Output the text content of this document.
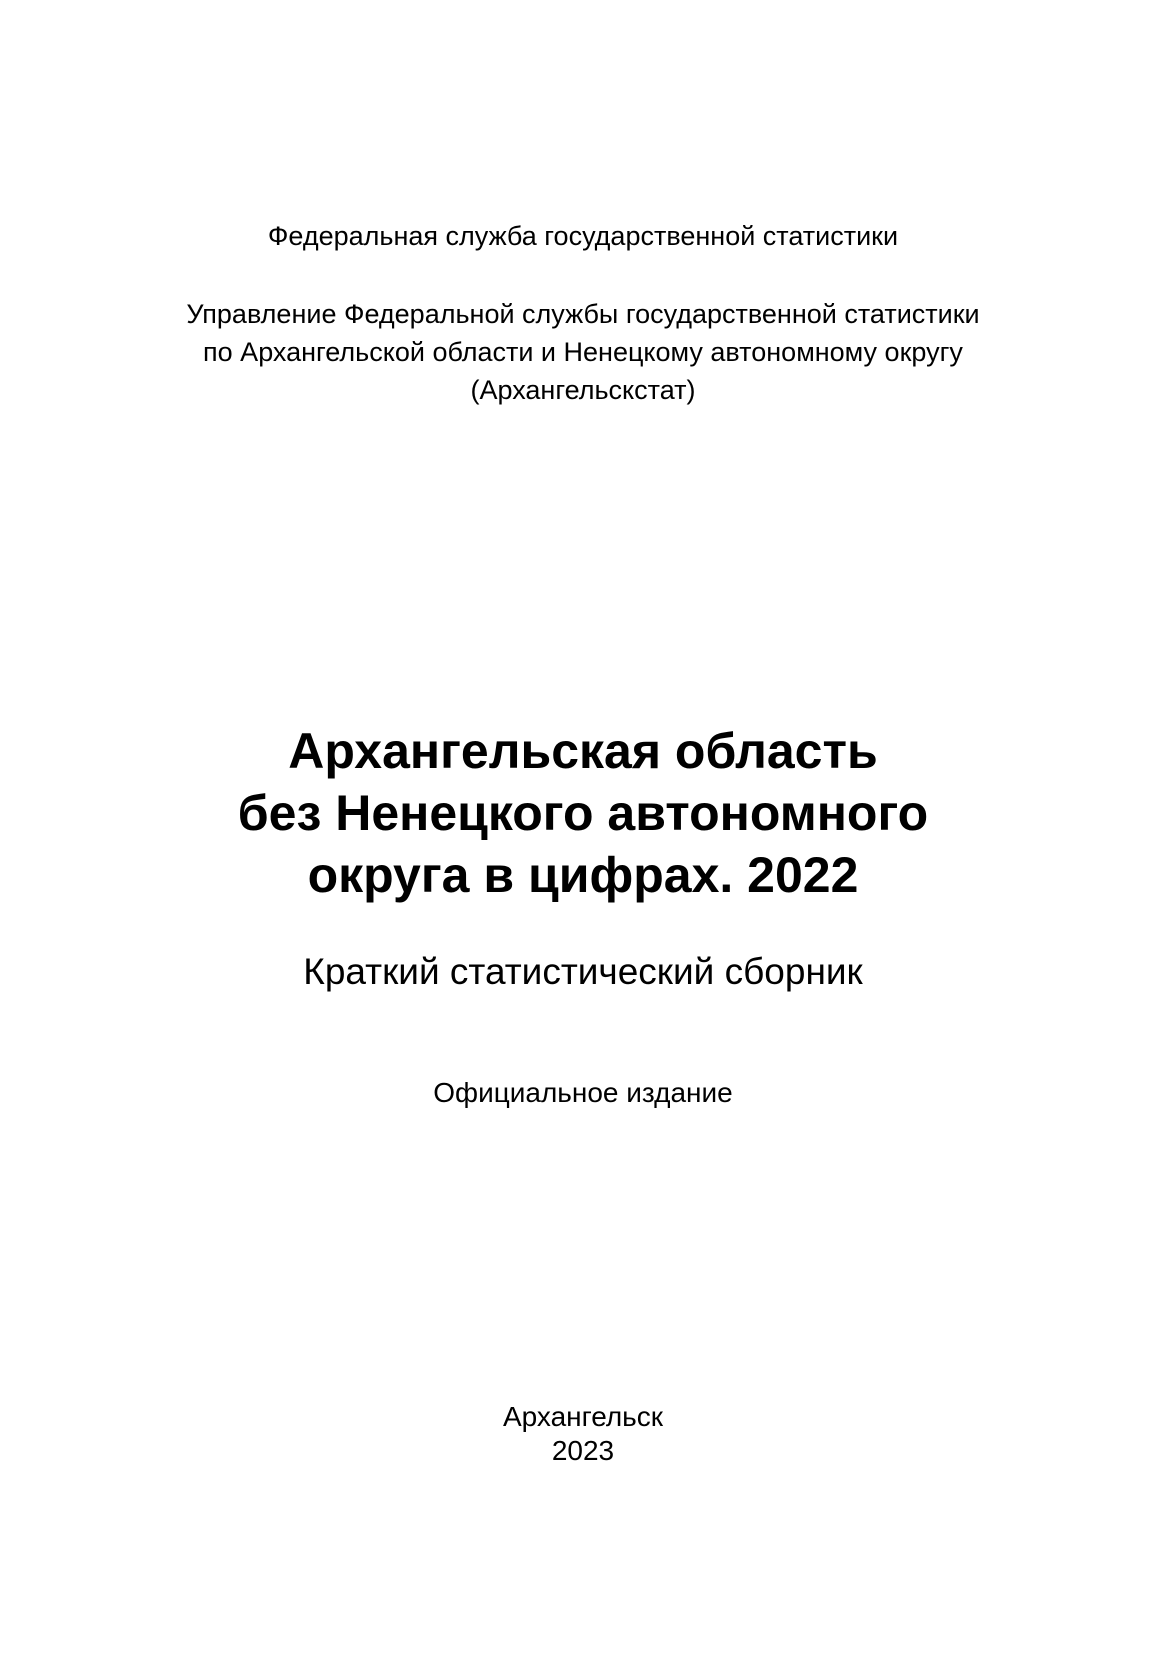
Федеральная служба государственной статистики
Управление Федеральной службы государственной статистики
по Архангельской области и Ненецкому автономному округу
(Архангельскстат)
Архангельская область
без Ненецкого автономного
округа в цифрах. 2022
Краткий статистический сборник
Официальное издание
Архангельск
2023
